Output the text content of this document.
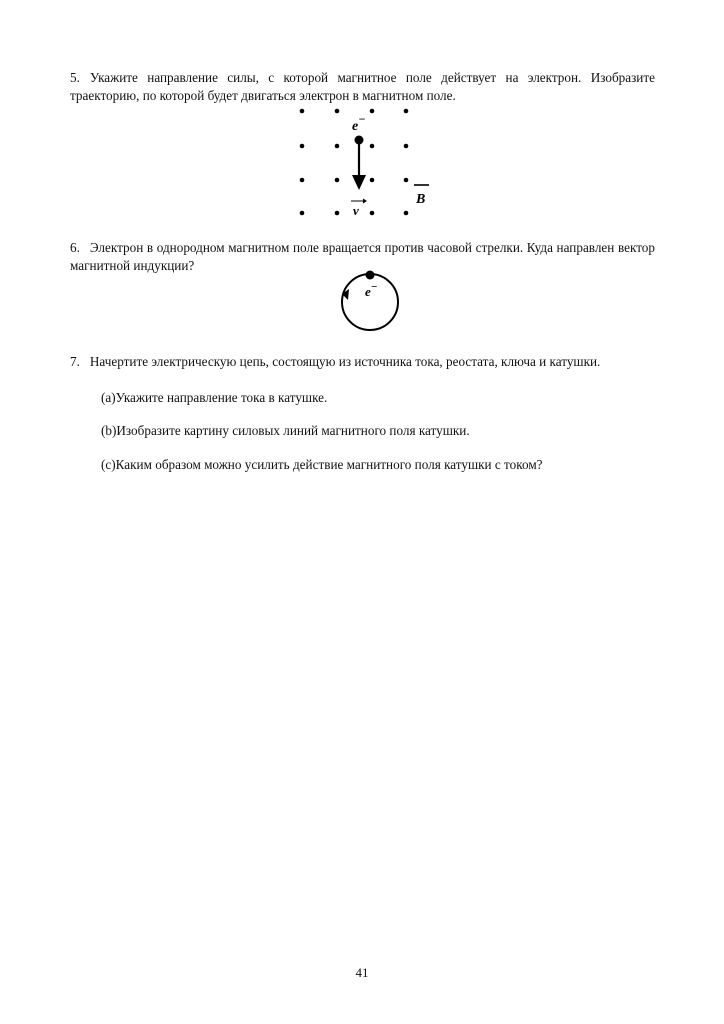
5. Укажите направление силы, с которой магнитное поле действует на электрон. Изобразите траекторию, по которой будет двигаться электрон в магнитном поле.
e−
v
B
6. Электрон в однородном магнитном поле вращается против часовой стрелки. Куда направлен вектор магнитной индукции?
e−
7. Начертите электрическую цепь, состоящую из источника тока, реостата, ключа и катушки.
(a)Укажите направление тока в катушке.
(b)Изобразите картину силовых линий магнитного поля катушки.
(c)Каким образом можно усилить действие магнитного поля катушки с током?
41
